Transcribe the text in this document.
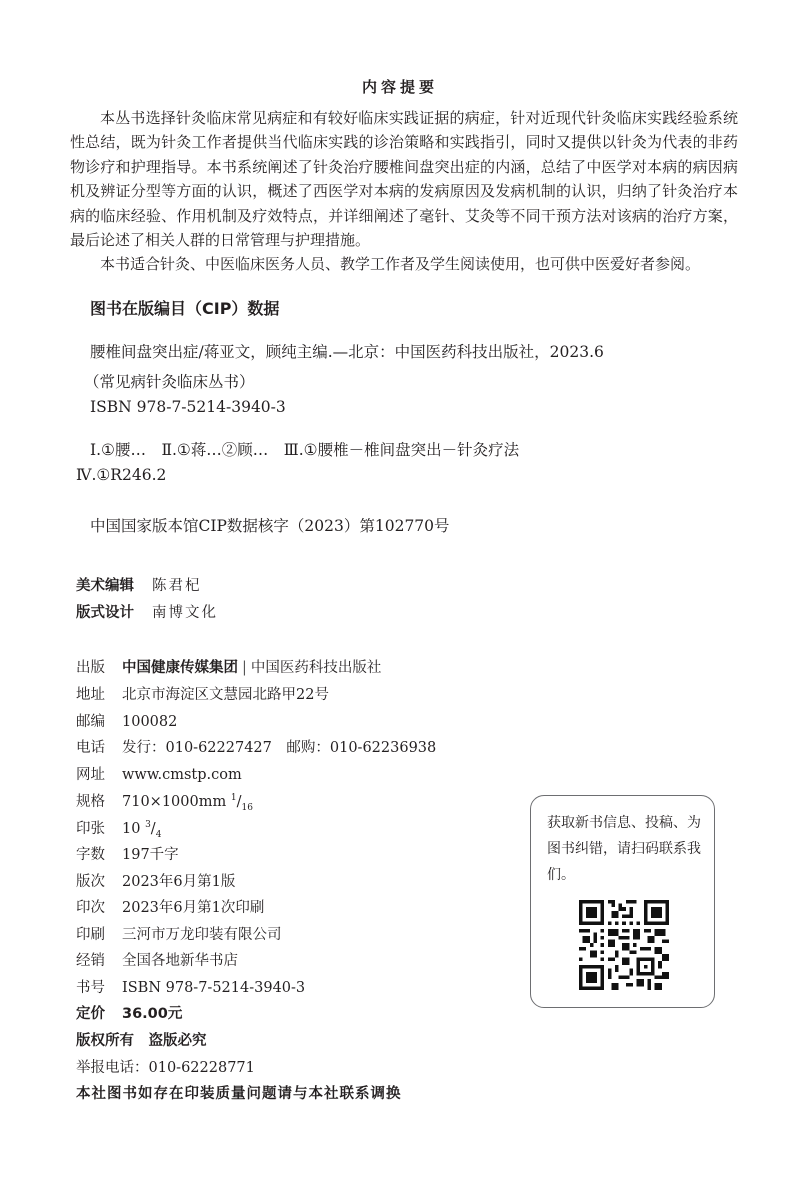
内容提要

本丛书选择针灸临床常见病症和有较好临床实践证据的病症，针对近现代针灸临床实践经验系统性总结，既为针灸工作者提供当代临床实践的诊治策略和实践指引，同时又提供以针灸为代表的非药物诊疗和护理指导。本书系统阐述了针灸治疗腰椎间盘突出症的内涵，总结了中医学对本病的病因病机及辨证分型等方面的认识，概述了西医学对本病的发病原因及发病机制的认识，归纳了针灸治疗本病的临床经验、作用机制及疗效特点，并详细阐述了毫针、艾灸等不同干预方法对该病的治疗方案，最后论述了相关人群的日常管理与护理措施。

本书适合针灸、中医临床医务人员、教学工作者及学生阅读使用，也可供中医爱好者参阅。

图书在版编目（CIP）数据
腰椎间盘突出症/蒋亚文，顾纯主编.—北京：中国医药科技出版社，2023.6
（常见病针灸临床丛书）
ISBN 978-7-5214-3940-3
Ⅰ.①腰…　Ⅱ.①蒋…②顾…　Ⅲ.①腰椎－椎间盘突出－针灸疗法
Ⅳ.①R246.2
中国国家版本馆CIP数据核字（2023）第102770号
美术编辑 陈君杞
版式设计 南博文化
出版 中国健康传媒集团 | 中国医药科技出版社
地址 北京市海淀区文慧园北路甲22号
邮编 100082
电话 发行：010-62227427　邮购：010-62236938
网址 www.cmstp.com
规格 710×1000mm $^1/_{16}$
印张 10 $^3/_4$
字数 197千字
版次 2023年6月第1版
印次 2023年6月第1次印刷
印刷 三河市万龙印装有限公司
经销 全国各地新华书店
书号 ISBN 978-7-5214-3940-3
定价 36.00元
版权所有　 盗版必究
举报电话：010-62228771
本社图书如存在印装质量问题请与本社联系调换
获取新书信息、投稿、为图书纠错，请扫码联系我们。
